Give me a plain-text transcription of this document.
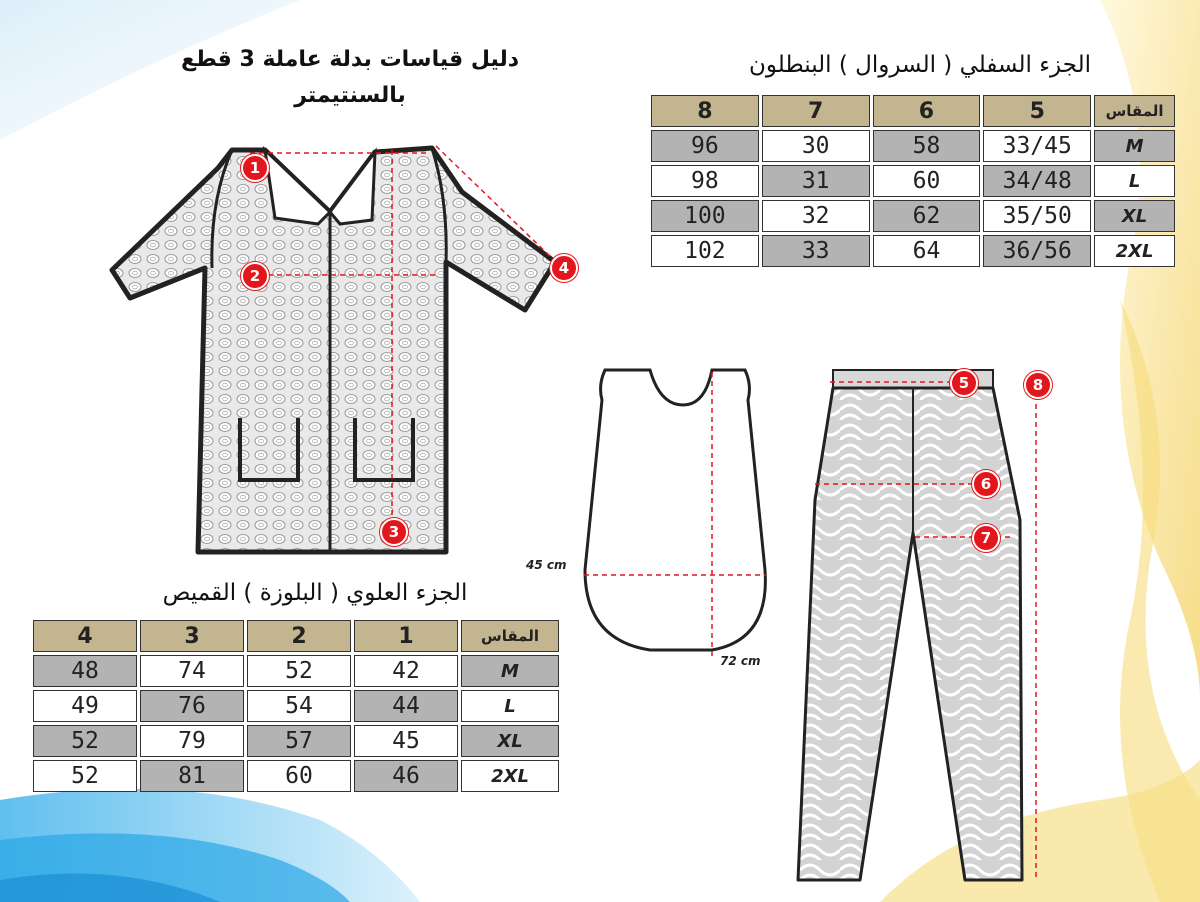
دليل قياسات بدلة عاملة 3 قطع بالسنتيمتر
الجزء السفلي ( السروال ) البنطلون
8	7	6	5	المقاس
96	30	58	33/45	M
98	31	60	34/48	L
100	32	62	35/50	XL
102	33	64	36/56	2XL
الجزء العلوي ( البلوزة ) القميص
4	3	2	1	المقاس
48	74	52	42	M
49	76	54	44	L
52	79	57	45	XL
52	81	60	46	2XL
1
2
3
4
5
6
7
8
45 cm
72 cm
